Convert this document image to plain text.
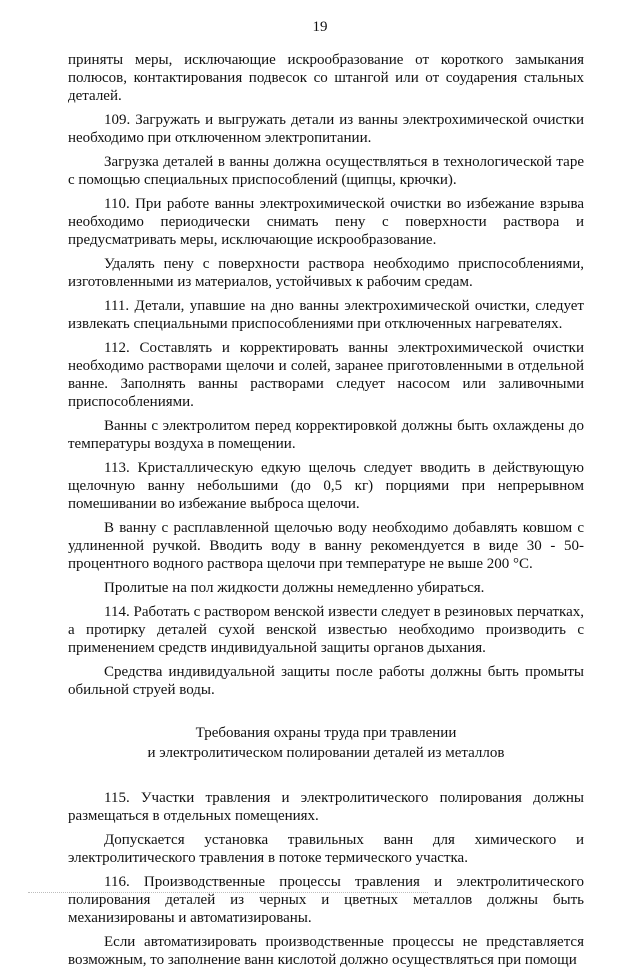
19

приняты меры, исключающие искрообразование от короткого замыкания полюсов, контактирования подвесок со штангой или от соударения стальных деталей.

109. Загружать и выгружать детали из ванны электрохимической очистки необходимо при отключенном электропитании.

Загрузка деталей в ванны должна осуществляться в технологической таре с помощью специальных приспособлений (щипцы, крючки).

110. При работе ванны электрохимической очистки во избежание взрыва необходимо периодически снимать пену с поверхности раствора и предусматривать меры, исключающие искрообразование.

Удалять пену с поверхности раствора необходимо приспособлениями, изготовленными из материалов, устойчивых к рабочим средам.

111. Детали, упавшие на дно ванны электрохимической очистки, следует извлекать специальными приспособлениями при отключенных нагревателях.

112. Составлять и корректировать ванны электрохимической очистки необходимо растворами щелочи и солей, заранее приготовленными в отдельной ванне. Заполнять ванны растворами следует насосом или заливочными приспособлениями.

Ванны с электролитом перед корректировкой должны быть охлаждены до температуры воздуха в помещении.

113. Кристаллическую едкую щелочь следует вводить в действующую щелочную ванну небольшими (до 0,5 кг) порциями при непрерывном помешивании во избежание выброса щелочи.

В ванну с расплавленной щелочью воду необходимо добавлять ковшом с удлиненной ручкой. Вводить воду в ванну рекомендуется в виде 30 - 50-процентного водного раствора щелочи при температуре не выше 200 °С.

Пролитые на пол жидкости должны немедленно убираться.

114. Работать с раствором венской извести следует в резиновых перчатках, а протирку деталей сухой венской известью необходимо производить с применением средств индивидуальной защиты органов дыхания.

Средства индивидуальной защиты после работы должны быть промыты обильной струей воды.

Требования охраны труда при травлении
и электролитическом полировании деталей из металлов

115. Участки травления и электролитического полирования должны размещаться в отдельных помещениях.

Допускается установка травильных ванн для химического и электролитического травления в потоке термического участка.

116. Производственные процессы травления и электролитического полирования деталей из черных и цветных металлов должны быть механизированы и автоматизированы.

Если автоматизировать производственные процессы не представляется возможным, то заполнение ванн кислотой должно осуществляться при помощи
